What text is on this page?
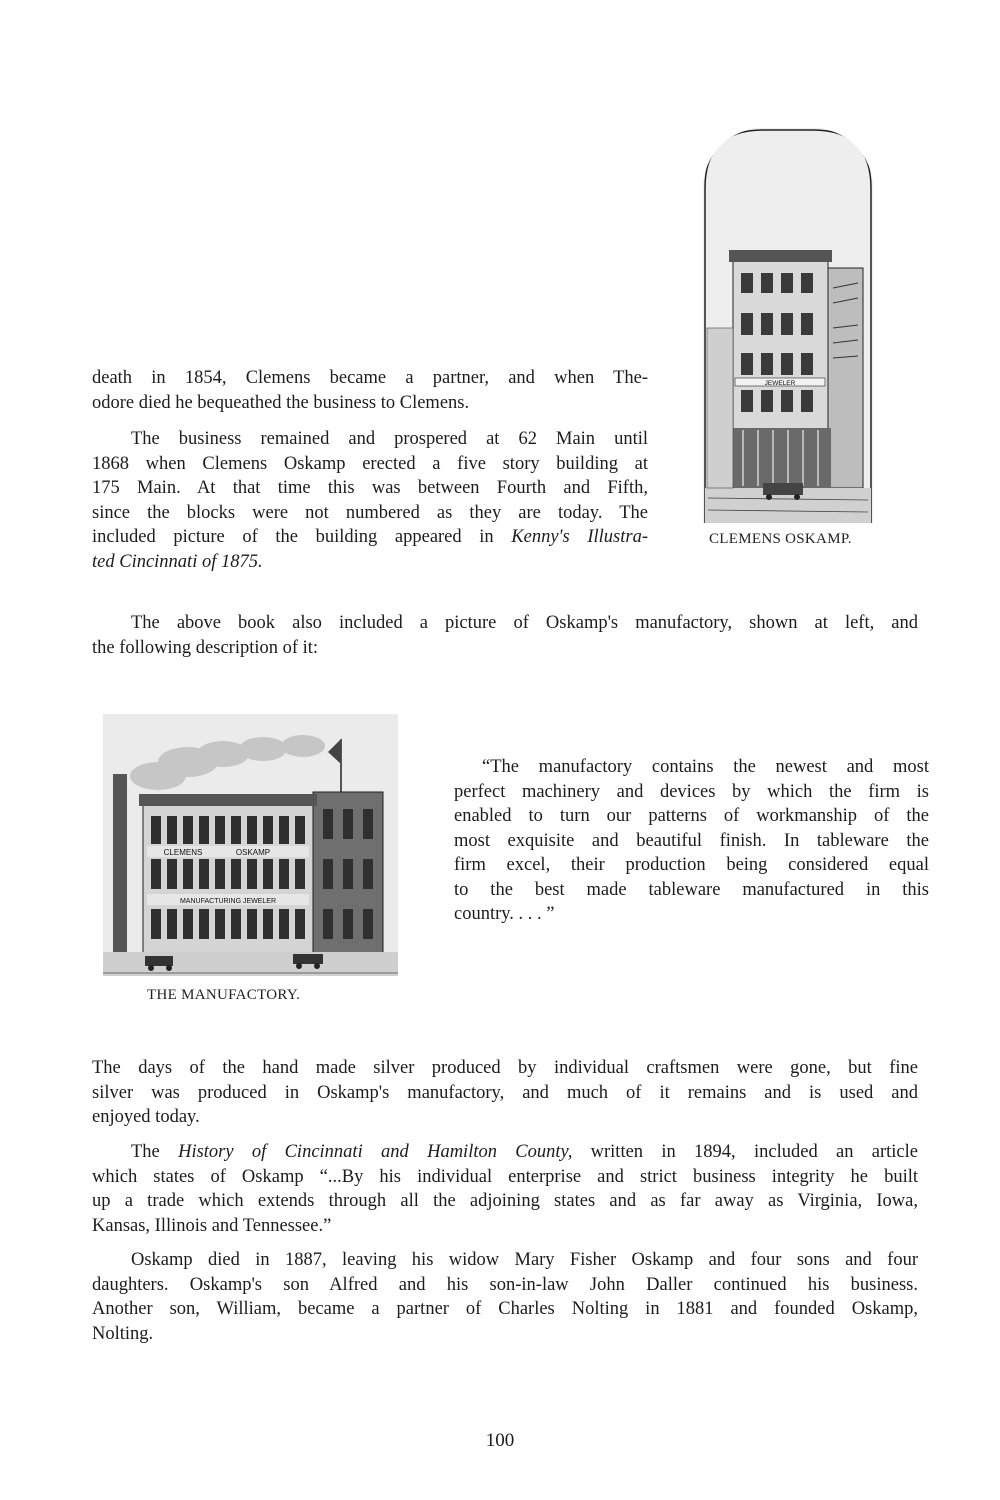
JEWELER

CLEMENS OSKAMP.

death in 1854, Clemens became a partner, and when The-
odore died he bequeathed the business to Clemens.
The business remained and prospered at 62 Main until
1868 when Clemens Oskamp erected a five story building at
175 Main. At that time this was between Fourth and Fifth,
since the blocks were not numbered as they are today. The
included picture of the building appeared in Kenny's Illustra-
ted Cincinnati of 1875.
The above book also included a picture of Oskamp's manufactory, shown at left, and
the following description of it:
CLEMENS	OSKAMP
MANUFACTURING JEWELER

THE MANUFACTORY.

“The manufactory contains the newest and most
perfect machinery and devices by which the firm is
enabled to turn our patterns of workmanship of the
most exquisite and beautiful finish. In tableware the
firm excel, their production being considered equal
to the best made tableware manufactured in this
country. . . . ”
The days of the hand made silver produced by individual craftsmen were gone, but fine
silver was produced in Oskamp's manufactory, and much of it remains and is used and
enjoyed today.
The History of Cincinnati and Hamilton County, written in 1894, included an article
which states of Oskamp “...By his individual enterprise and strict business integrity he built
up a trade which extends through all the adjoining states and as far away as Virginia, Iowa,
Kansas, Illinois and Tennessee.”
Oskamp died in 1887, leaving his widow Mary Fisher Oskamp and four sons and four
daughters. Oskamp's son Alfred and his son-in-law John Daller continued his business.
Another son, William, became a partner of Charles Nolting in 1881 and founded Oskamp,
Nolting.

100
